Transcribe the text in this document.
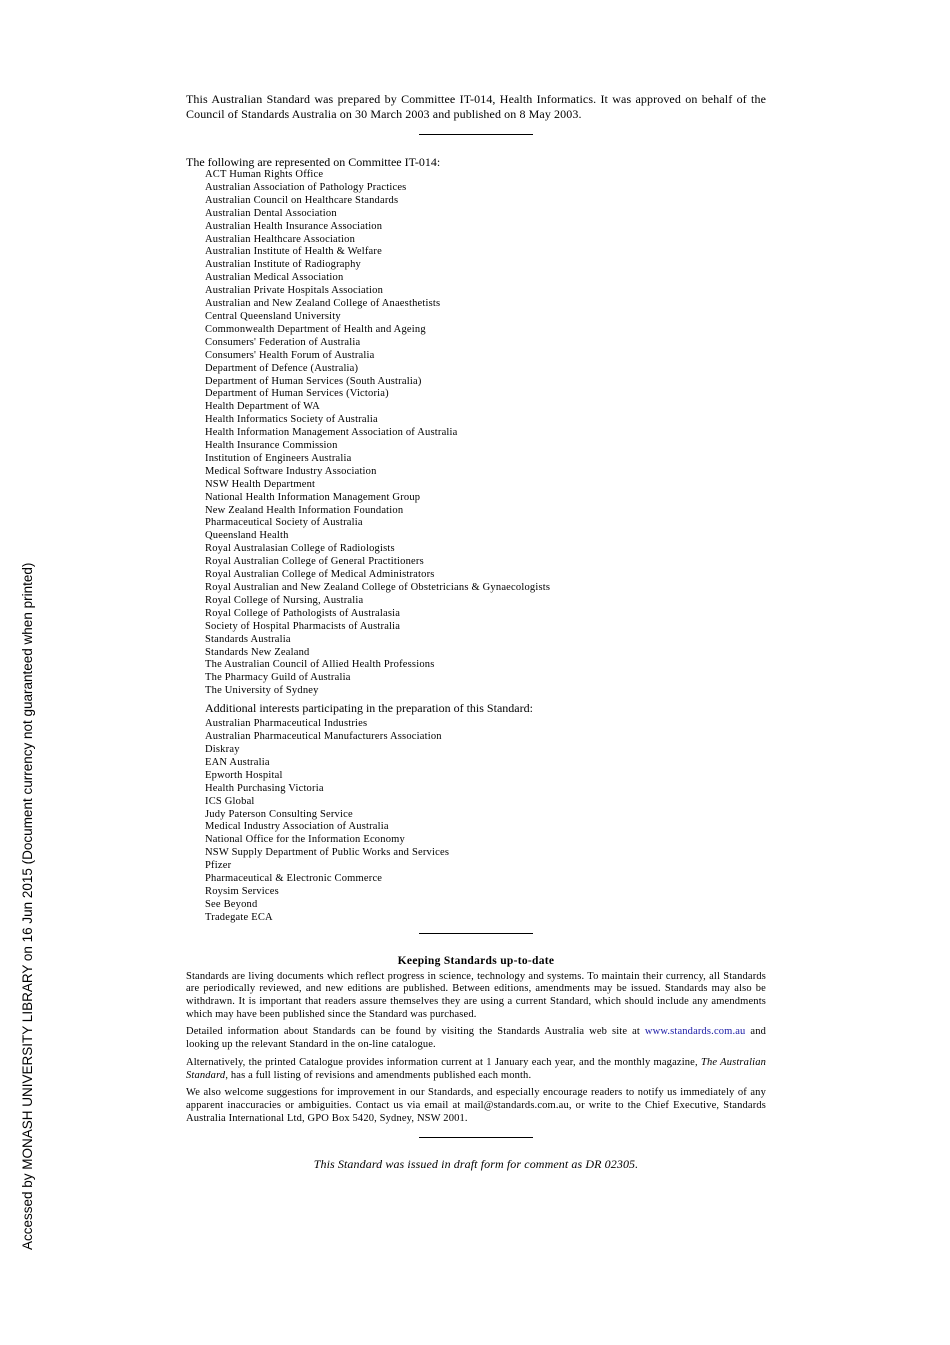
Accessed by MONASH UNIVERSITY LIBRARY on 16 Jun 2015 (Document currency not guaranteed when printed)

This Australian Standard was prepared by Committee IT-014, Health Informatics. It was approved on behalf of the Council of Standards Australia on 30 March 2003 and published on 8 May 2003.

The following are represented on Committee IT-014:

ACT Human Rights Office
Australian Association of Pathology Practices
Australian Council on Healthcare Standards
Australian Dental Association
Australian Health Insurance Association
Australian Healthcare Association
Australian Institute of Health & Welfare
Australian Institute of Radiography
Australian Medical Association
Australian Private Hospitals Association
Australian and New Zealand College of Anaesthetists
Central Queensland University
Commonwealth Department of Health and Ageing
Consumers' Federation of Australia
Consumers' Health Forum of Australia
Department of Defence (Australia)
Department of Human Services (South Australia)
Department of Human Services (Victoria)
Health Department of WA
Health Informatics Society of Australia
Health Information Management Association of Australia
Health Insurance Commission
Institution of Engineers Australia
Medical Software Industry Association
NSW Health Department
National Health Information Management Group
New Zealand Health Information Foundation
Pharmaceutical Society of Australia
Queensland Health
Royal Australasian College of Radiologists
Royal Australian College of General Practitioners
Royal Australian College of Medical Administrators
Royal Australian and New Zealand College of Obstetricians & Gynaecologists
Royal College of Nursing, Australia
Royal College of Pathologists of Australasia
Society of Hospital Pharmacists of Australia
Standards Australia
Standards New Zealand
The Australian Council of Allied Health Professions
The Pharmacy Guild of Australia
The University of Sydney

Additional interests participating in the preparation of this Standard:

Australian Pharmaceutical Industries
Australian Pharmaceutical Manufacturers Association
Diskray
EAN Australia
Epworth Hospital
Health Purchasing Victoria
ICS Global
Judy Paterson Consulting Service
Medical Industry Association of Australia
National Office for the Information Economy
NSW Supply Department of Public Works and Services
Pfizer
Pharmaceutical & Electronic Commerce
Roysim Services
See Beyond
Tradegate ECA
Keeping Standards up-to-date

Standards are living documents which reflect progress in science, technology and systems. To maintain their currency, all Standards are periodically reviewed, and new editions are published. Between editions, amendments may be issued. Standards may also be withdrawn. It is important that readers assure themselves they are using a current Standard, which should include any amendments which may have been published since the Standard was purchased.

Detailed information about Standards can be found by visiting the Standards Australia web site at www.standards.com.au and looking up the relevant Standard in the on-line catalogue.

Alternatively, the printed Catalogue provides information current at 1 January each year, and the monthly magazine, The Australian Standard, has a full listing of revisions and amendments published each month.

We also welcome suggestions for improvement in our Standards, and especially encourage readers to notify us immediately of any apparent inaccuracies or ambiguities. Contact us via email at mail@standards.com.au, or write to the Chief Executive, Standards Australia International Ltd, GPO Box 5420, Sydney, NSW 2001.

This Standard was issued in draft form for comment as DR 02305.
